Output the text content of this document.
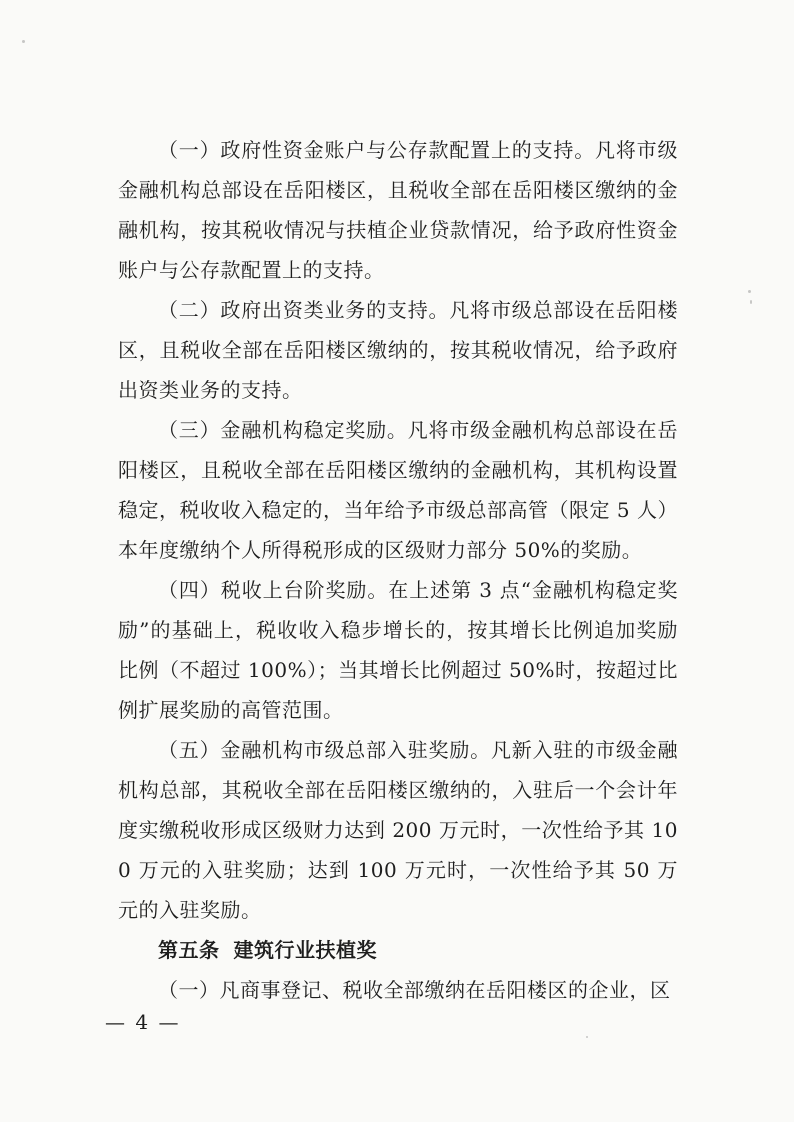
（一）政府性资金账户与公存款配置上的支持。凡将市级金融机构总部设在岳阳楼区，且税收全部在岳阳楼区缴纳的金融机构，按其税收情况与扶植企业贷款情况，给予政府性资金账户与公存款配置上的支持。

（二）政府出资类业务的支持。凡将市级总部设在岳阳楼区，且税收全部在岳阳楼区缴纳的，按其税收情况，给予政府出资类业务的支持。

（三）金融机构稳定奖励。凡将市级金融机构总部设在岳阳楼区，且税收全部在岳阳楼区缴纳的金融机构，其机构设置稳定，税收收入稳定的，当年给予市级总部高管（限定 5 人）本年度缴纳个人所得税形成的区级财力部分 50%的奖励。

（四）税收上台阶奖励。在上述第 3 点“金融机构稳定奖励”的基础上，税收收入稳步增长的，按其增长比例追加奖励比例（不超过 100%）；当其增长比例超过 50%时，按超过比例扩展奖励的高管范围。

（五）金融机构市级总部入驻奖励。凡新入驻的市级金融机构总部，其税收全部在岳阳楼区缴纳的，入驻后一个会计年度实缴税收形成区级财力达到 200 万元时，一次性给予其 100 万元的入驻奖励；达到 100 万元时，一次性给予其 50 万元的入驻奖励。

第五条 建筑行业扶植奖

（一）凡商事登记、税收全部缴纳在岳阳楼区的企业，区

— 4 —
